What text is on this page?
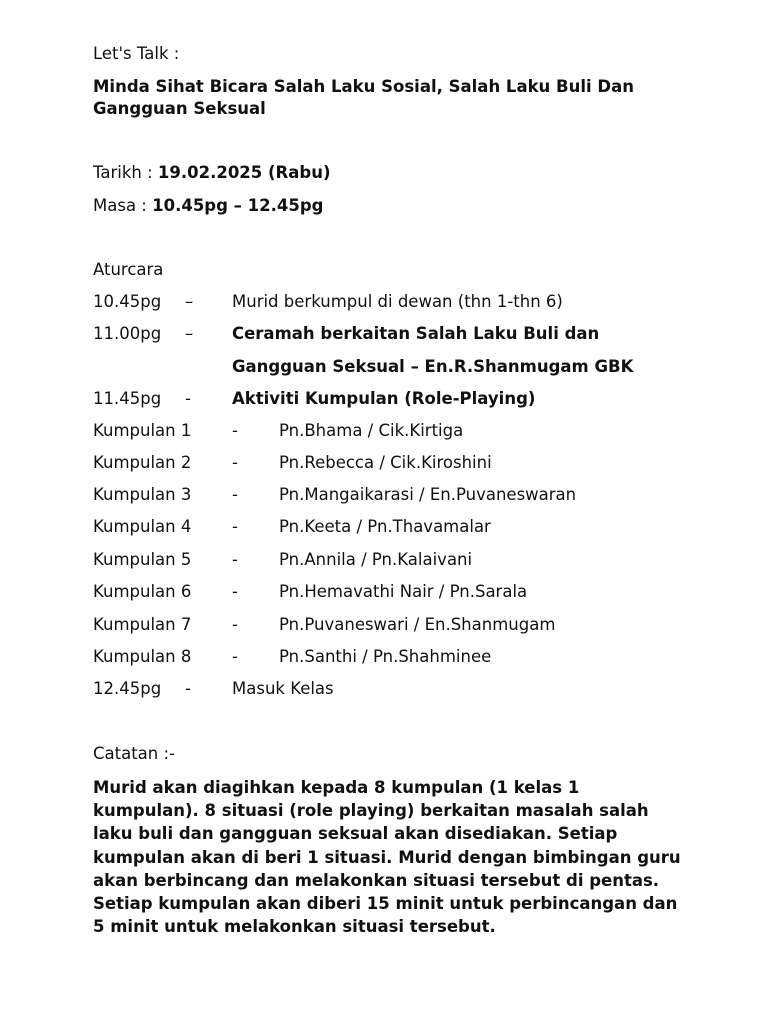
Let's Talk :
Minda Sihat Bicara Salah Laku Sosial, Salah Laku Buli Dan Gangguan Seksual
Tarikh : 19.02.2025 (Rabu)
Masa : 10.45pg – 12.45pg
Aturcara
10.45pg – Murid berkumpul di dewan (thn 1-thn 6)
11.00pg – Ceramah berkaitan Salah Laku Buli dan
Gangguan Seksual – En.R.Shanmugam GBK
11.45pg - Aktiviti Kumpulan (Role-Playing)
Kumpulan 1 - Pn.Bhama / Cik.Kirtiga
Kumpulan 2 - Pn.Rebecca / Cik.Kiroshini
Kumpulan 3 - Pn.Mangaikarasi / En.Puvaneswaran
Kumpulan 4 - Pn.Keeta / Pn.Thavamalar
Kumpulan 5 - Pn.Annila / Pn.Kalaivani
Kumpulan 6 - Pn.Hemavathi Nair / Pn.Sarala
Kumpulan 7 - Pn.Puvaneswari / En.Shanmugam
Kumpulan 8 - Pn.Santhi / Pn.Shahminee
12.45pg - Masuk Kelas
Catatan :-
Murid akan diagihkan kepada 8 kumpulan (1 kelas 1 kumpulan). 8 situasi (role playing) berkaitan masalah salah laku buli dan gangguan seksual akan disediakan. Setiap kumpulan akan di beri 1 situasi. Murid dengan bimbingan guru akan berbincang dan melakonkan situasi tersebut di pentas. Setiap kumpulan akan diberi 15 minit untuk perbincangan dan 5 minit untuk melakonkan situasi tersebut.
